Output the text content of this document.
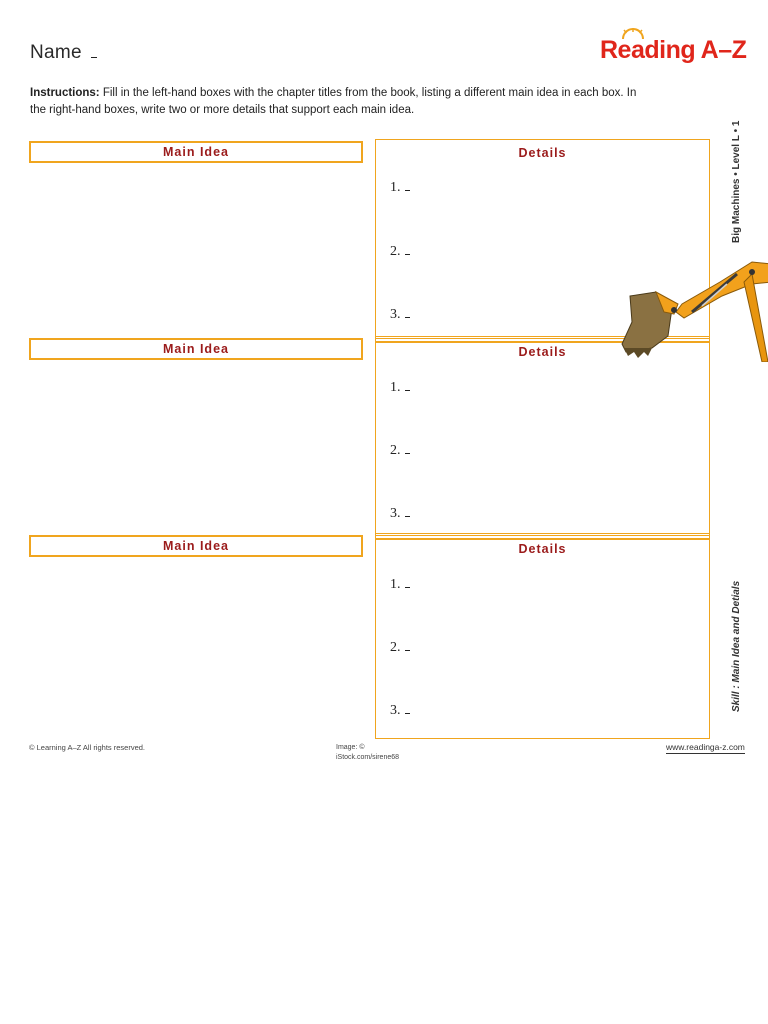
Name	Reading A–Z
Instructions: Fill in the left-hand boxes with the chapter titles from the book, listing a different main idea in each box. In the right-hand boxes, write two or more details that support each main idea.
Main Idea	Details
1.
2.
3.
Main Idea	Details
1.
2.
3.
Main Idea	Details
1.
2.
3.
Big Machines • Level L • 1
Skill : Main Idea and Detials
© Learning A–Z All rights reserved.	Image: ©
iStock.com/sirene68
www.readinga-z.com
